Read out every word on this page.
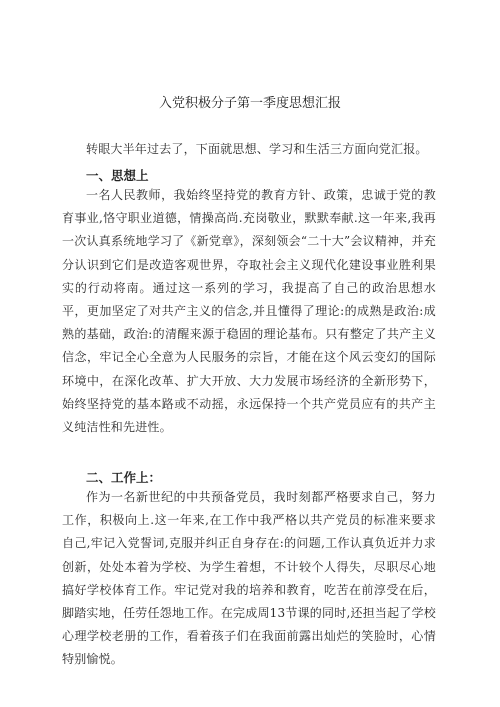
入党积极分子第一季度思想汇报
转眼大半年过去了，下面就思想、学习和生活三方面向党汇报。
一、思想上
一名人民教师，我始终坚持党的教育方针、政策，忠诚于党的教育事业,恪守职业道德，情操高尚.充岗敬业，默默奉献.这一年来,我再一次认真系统地学习了《新党章》，深刻领会“二十大”会议精神，并充分认识到它们是改造客观世界，夺取社会主义现代化建设事业胜利果实的行动将南。通过这一系列的学习，我提高了自己的政治思想水平，更加坚定了对共产主义的信念,并且懂得了理论:的成熟是政治:成熟的基础，政治:的清醒来源于稳固的理论基布。只有整定了共产主义信念，牢记全心全意为人民服务的宗旨，才能在这个风云变幻的国际环境中，在深化改革、扩大开放、大力发展市场经济的全新形势下，始终坚持党的基本路或不动摇，永远保持一个共产党员应有的共产主义纯洁性和先进性。
二、工作上：
作为一名新世纪的中共预备党员，我时刻都严格要求自己，努力工作，积极向上.这一年来,在工作中我严格以共产党员的标准来要求自己,牢记入党誓词,克服并纠正自身存在:的问题,工作认真负近并力求创新，处处本着为学校、为学生着想，不计较个人得失，尽职尽心地搞好学校体育工作。牢记党对我的培养和教育，吃苦在前淳受在后，脚踏实地，任劳任怨地工作。在完成周13节课的同时,还担当起了学校心理学校老册的工作，看着孩子们在我面前露出灿烂的笑脸时，心情特别愉悦。
